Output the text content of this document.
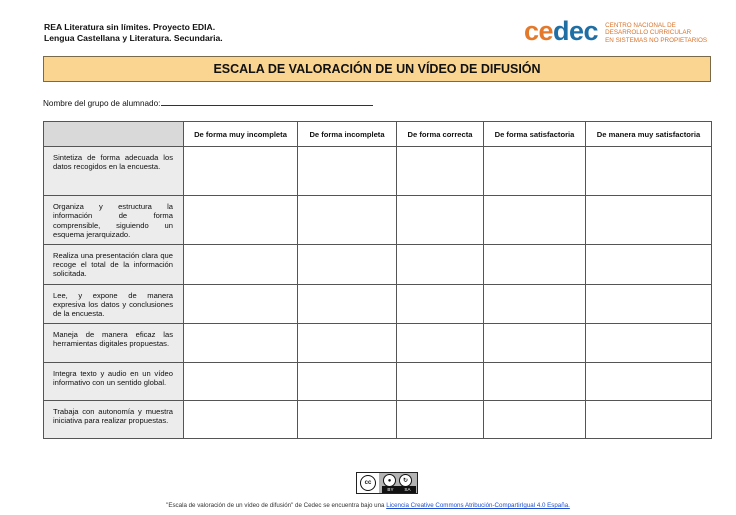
REA Literatura sin límites. Proyecto EDIA.
Lengua Castellana y Literatura. Secundaria.	cedec CENTRO NACIONAL DE
DESARROLLO CURRICULAR
EN SISTEMAS NO PROPIETARIOS
ESCALA DE VALORACIÓN DE UN VÍDEO DE DIFUSIÓN
Nombre del grupo de alumnado:
	De forma muy incompleta	De forma incompleta	De forma correcta	De forma satisfactoria	De manera muy satisfactoria
Sintetiza de forma adecuada los datos recogidos en la encuesta.					
Organiza y estructura la información de forma comprensible, siguiendo un esquema jerarquizado.					
Realiza una presentación clara que recoge el total de la información solicitada.					
Lee, y expone de manera expresiva los datos y conclusiones de la encuesta.					
Maneja de manera eficaz las herramientas digitales propuestas.					
Integra texto y audio en un vídeo informativo con un sentido global.					
Trabaja con autonomía y muestra iniciativa para realizar propuestas.					
cc	●	↻
BY SA
"Escala de valoración de un vídeo de difusión" de Cedec se encuentra bajo una Licencia Creative Commons Atribución-CompartirIgual 4.0 España.
